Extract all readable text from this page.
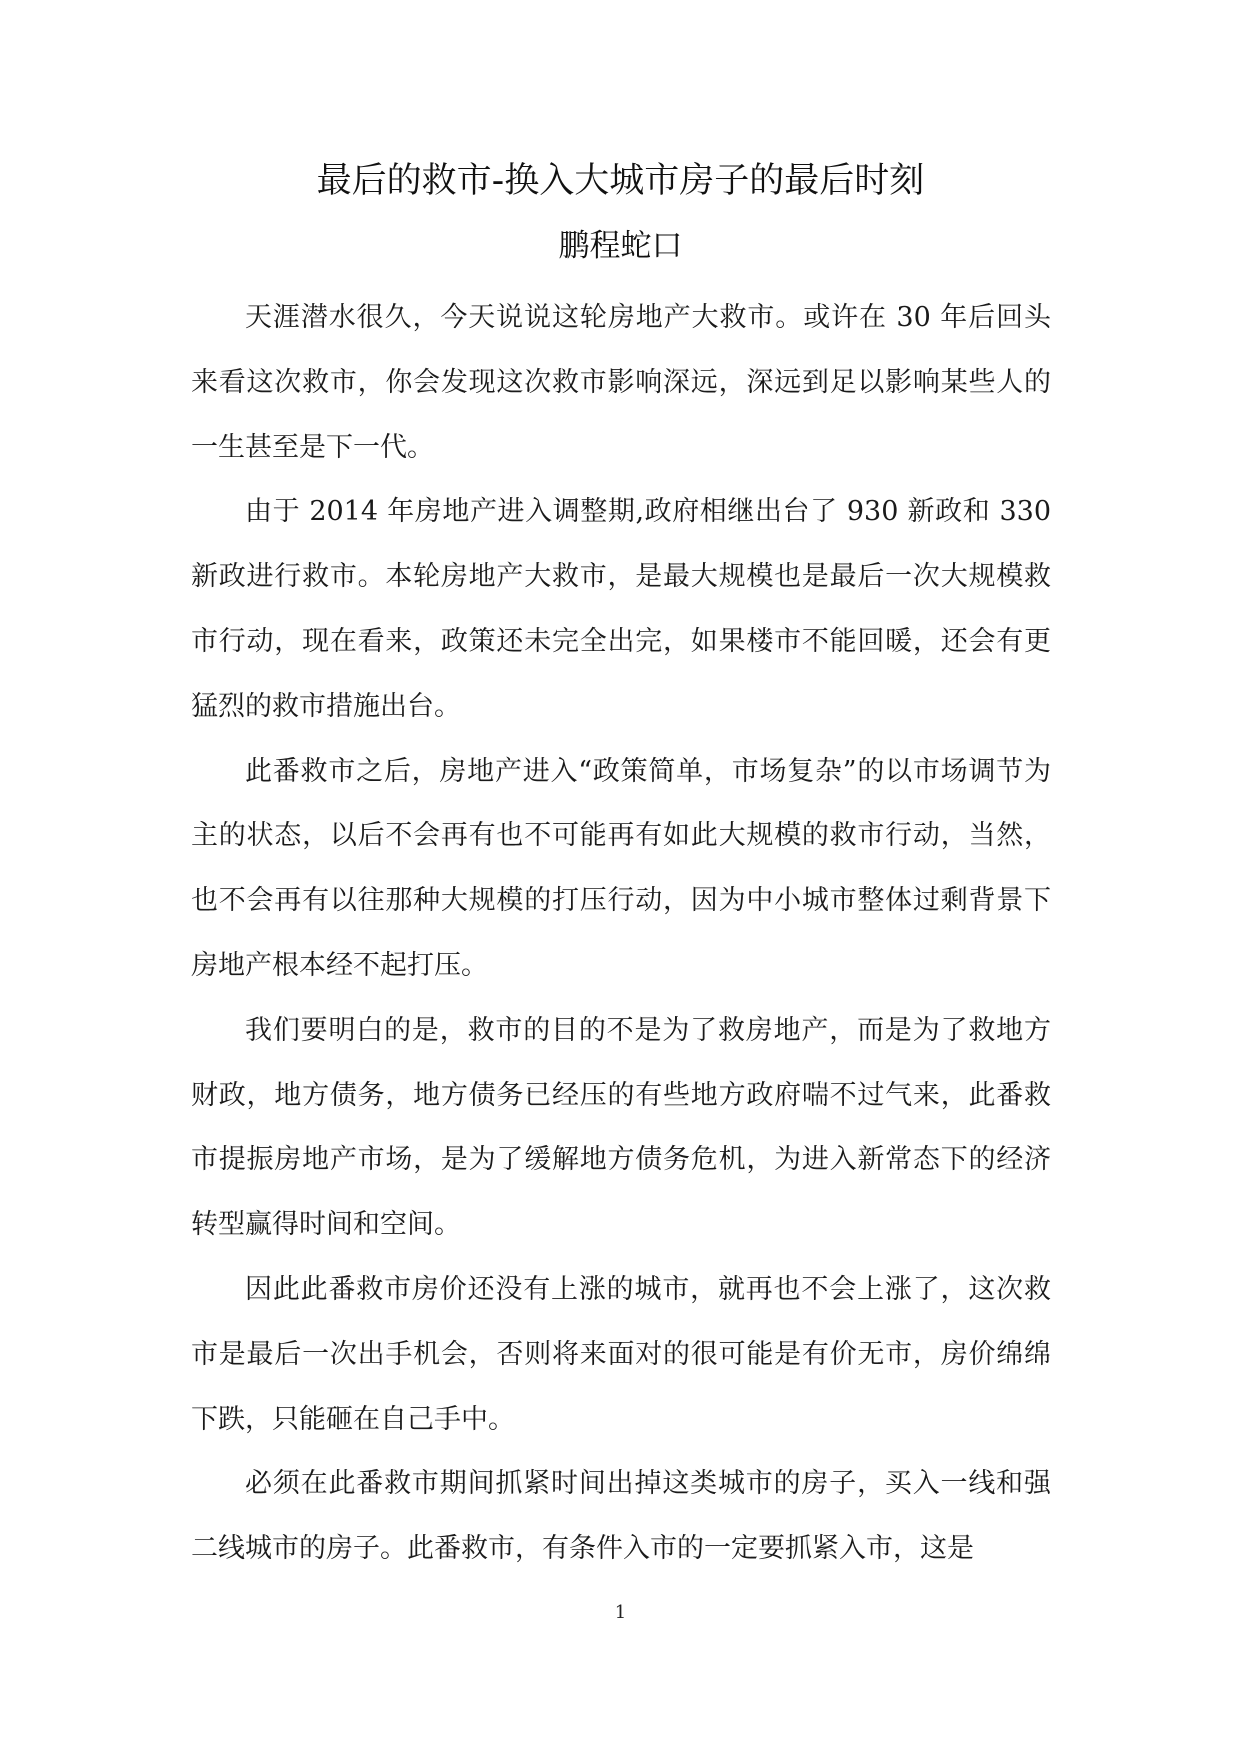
最后的救市-换入大城市房子的最后时刻
鹏程蛇口

天涯潜水很久，今天说说这轮房地产大救市。或许在 30 年后回头来看这次救市，你会发现这次救市影响深远，深远到足以影响某些人的一生甚至是下一代。

由于 2014 年房地产进入调整期,政府相继出台了 930 新政和 330 新政进行救市。本轮房地产大救市，是最大规模也是最后一次大规模救市行动，现在看来，政策还未完全出完，如果楼市不能回暖，还会有更猛烈的救市措施出台。

此番救市之后，房地产进入“政策简单，市场复杂”的以市场调节为主的状态，以后不会再有也不可能再有如此大规模的救市行动，当然，也不会再有以往那种大规模的打压行动，因为中小城市整体过剩背景下房地产根本经不起打压。

我们要明白的是，救市的目的不是为了救房地产，而是为了救地方财政，地方债务，地方债务已经压的有些地方政府喘不过气来，此番救市提振房地产市场，是为了缓解地方债务危机，为进入新常态下的经济转型赢得时间和空间。

因此此番救市房价还没有上涨的城市，就再也不会上涨了，这次救市是最后一次出手机会，否则将来面对的很可能是有价无市，房价绵绵下跌，只能砸在自己手中。

必须在此番救市期间抓紧时间出掉这类城市的房子，买入一线和强二线城市的房子。此番救市，有条件入市的一定要抓紧入市，这是

1
